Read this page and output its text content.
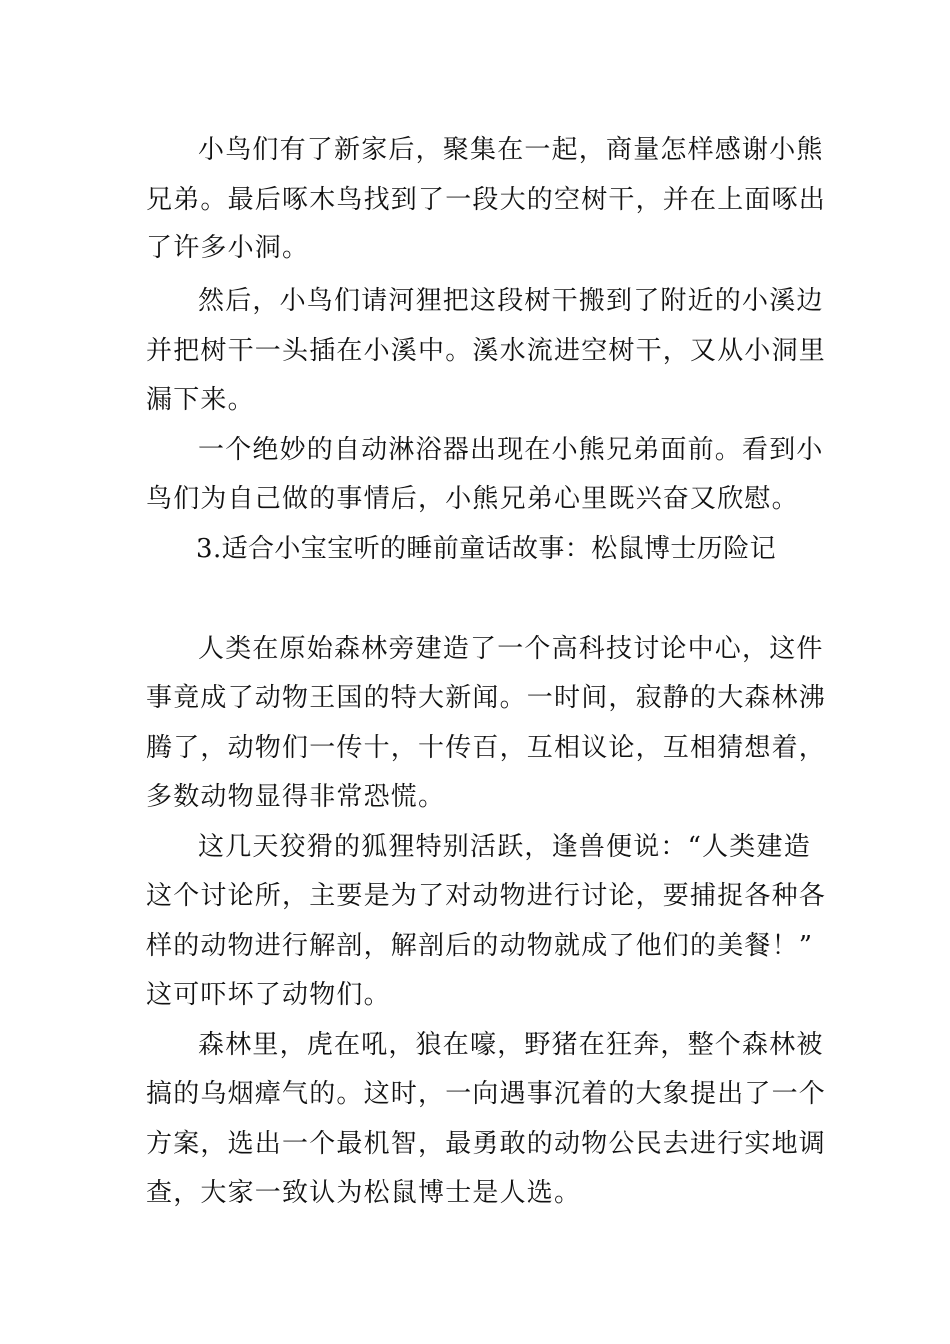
小鸟们有了新家后，聚集在一起，商量怎样感谢小熊
兄弟。最后啄木鸟找到了一段大的空树干，并在上面啄出
了许多小洞。
然后，小鸟们请河狸把这段树干搬到了附近的小溪边
并把树干一头插在小溪中。溪水流进空树干，又从小洞里
漏下来。
一个绝妙的自动淋浴器出现在小熊兄弟面前。看到小
鸟们为自己做的事情后，小熊兄弟心里既兴奋又欣慰。
3.适合小宝宝听的睡前童话故事：松鼠博士历险记
人类在原始森林旁建造了一个高科技讨论中心，这件
事竟成了动物王国的特大新闻。一时间，寂静的大森林沸
腾了，动物们一传十，十传百，互相议论，互相猜想着，
多数动物显得非常恐慌。
这几天狡猾的狐狸特别活跃，逢兽便说：“人类建造
这个讨论所，主要是为了对动物进行讨论，要捕捉各种各
样的动物进行解剖，解剖后的动物就成了他们的美餐！”
这可吓坏了动物们。
森林里，虎在吼，狼在嚎，野猪在狂奔，整个森林被
搞的乌烟瘴气的。这时，一向遇事沉着的大象提出了一个
方案，选出一个最机智，最勇敢的动物公民去进行实地调
查，大家一致认为松鼠博士是人选。
